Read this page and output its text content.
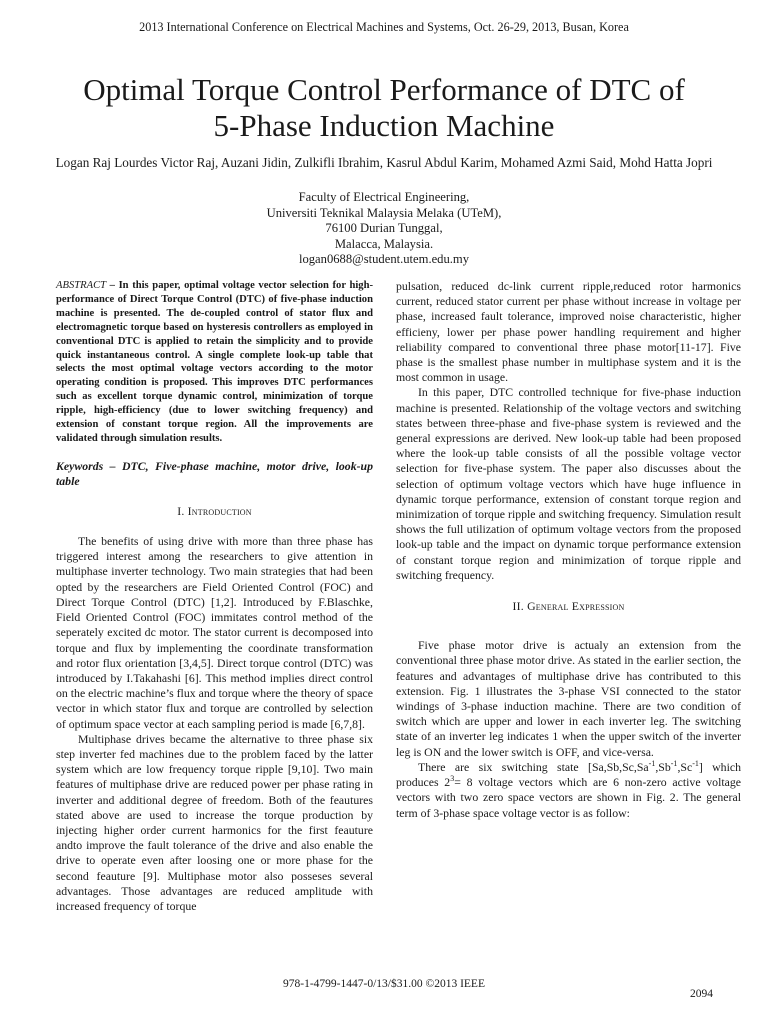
2013 International Conference on Electrical Machines and Systems, Oct. 26-29, 2013, Busan, Korea
Optimal Torque Control Performance of DTC of
5-Phase Induction Machine
Logan Raj Lourdes Victor Raj, Auzani Jidin, Zulkifli Ibrahim, Kasrul Abdul Karim, Mohamed Azmi Said, Mohd Hatta Jopri
Faculty of Electrical Engineering,
Universiti Teknikal Malaysia Melaka (UTeM),
76100 Durian Tunggal,
Malacca, Malaysia.
logan0688@student.utem.edu.my

ABSTRACT – In this paper, optimal voltage vector selection for high-performance of Direct Torque Control (DTC) of five-phase induction machine is presented. The de-coupled control of stator flux and electromagnetic torque based on hysteresis controllers as employed in conventional DTC is applied to retain the simplicity and to provide quick instantaneous control. A single complete look-up table that selects the most optimal voltage vectors according to the motor operating condition is proposed. This improves DTC performances such as excellent torque dynamic control, minimization of torque ripple, high-efficiency (due to lower switching frequency) and extension of constant torque region. All the improvements are validated through simulation results.

Keywords – DTC, Five-phase machine, motor drive, look-up table

I. Introduction

The benefits of using drive with more than three phase has triggered interest among the researchers to give attention in multiphase inverter technology. Two main strategies that had been opted by the researchers are Field Oriented Control (FOC) and Direct Torque Control (DTC) [1,2]. Introduced by F.Blaschke, Field Oriented Control (FOC) immitates control method of the seperately excited dc motor. The stator current is decomposed into torque and flux by implementing the coordinate transformation and rotor flux orientation [3,4,5]. Direct torque control (DTC) was introduced by I.Takahashi [6]. This method implies direct control on the electric machine’s flux and torque where the theory of space vector in which stator flux and torque are controlled by selection of optimum space vector at each sampling period is made [6,7,8].

Multiphase drives became the alternative to three phase six step inverter fed machines due to the problem faced by the latter system which are low frequency torque ripple [9,10]. Two main features of multiphase drive are reduced power per phase rating in inverter and additional degree of freedom. Both of the feautures stated above are used to increase the torque production by injecting higher order current harmonics for the first feauture andto improve the fault tolerance of the drive and also enable the drive to operate even after loosing one or more phase for the second feauture [9]. Multiphase motor also posseses several advantages. Those advantages are reduced amplitude with increased frequency of torque

pulsation, reduced dc-link current ripple,reduced rotor harmonics current, reduced stator current per phase without increase in voltage per phase, increased fault tolerance, improved noise characteristic, higher efficieny, lower per phase power handling requirement and higher reliability compared to conventional three phase motor[11-17]. Five phase is the smallest phase number in multiphase system and it is the most common in usage.

In this paper, DTC controlled technique for five-phase induction machine is presented. Relationship of the voltage vectors and switching states between three-phase and five-phase system is reviewed and the general expressions are derived. New look-up table had been proposed where the look-up table consists of all the possible voltage vector selection for five-phase system. The paper also discusses about the selection of optimum voltage vectors which have huge influence in dynamic torque performance, extension of constant torque region and minimization of torque ripple and switching frequency. Simulation result shows the full utilization of optimum voltage vectors from the proposed look-up table and the impact on dynamic torque performance extension of constant torque region and minimization of torque ripple and switching frequency.

II. General Expression

Five phase motor drive is actualy an extension from the conventional three phase motor drive. As stated in the earlier section, the features and advantages of multiphase drive has contributed to this extension. Fig. 1 illustrates the 3-phase VSI connected to the stator windings of 3-phase induction machine. There are two condition of switch which are upper and lower in each inverter leg. The switching state of an inverter leg indicates 1 when the upper switch of the inverter leg is ON and the lower switch is OFF, and vice-versa.

There are six switching state $[Sa,Sb,Sc,Sa^{-1},Sb^{-1},Sc^{-1}]$ which produces $2^3= 8$ voltage vectors which are 6 non-zero active voltage vectors with two zero space vectors are shown in Fig. 2. The general term of 3-phase space voltage vector is as follow:

978-1-4799-1447-0/13/$31.00 ©2013 IEEE
2094
